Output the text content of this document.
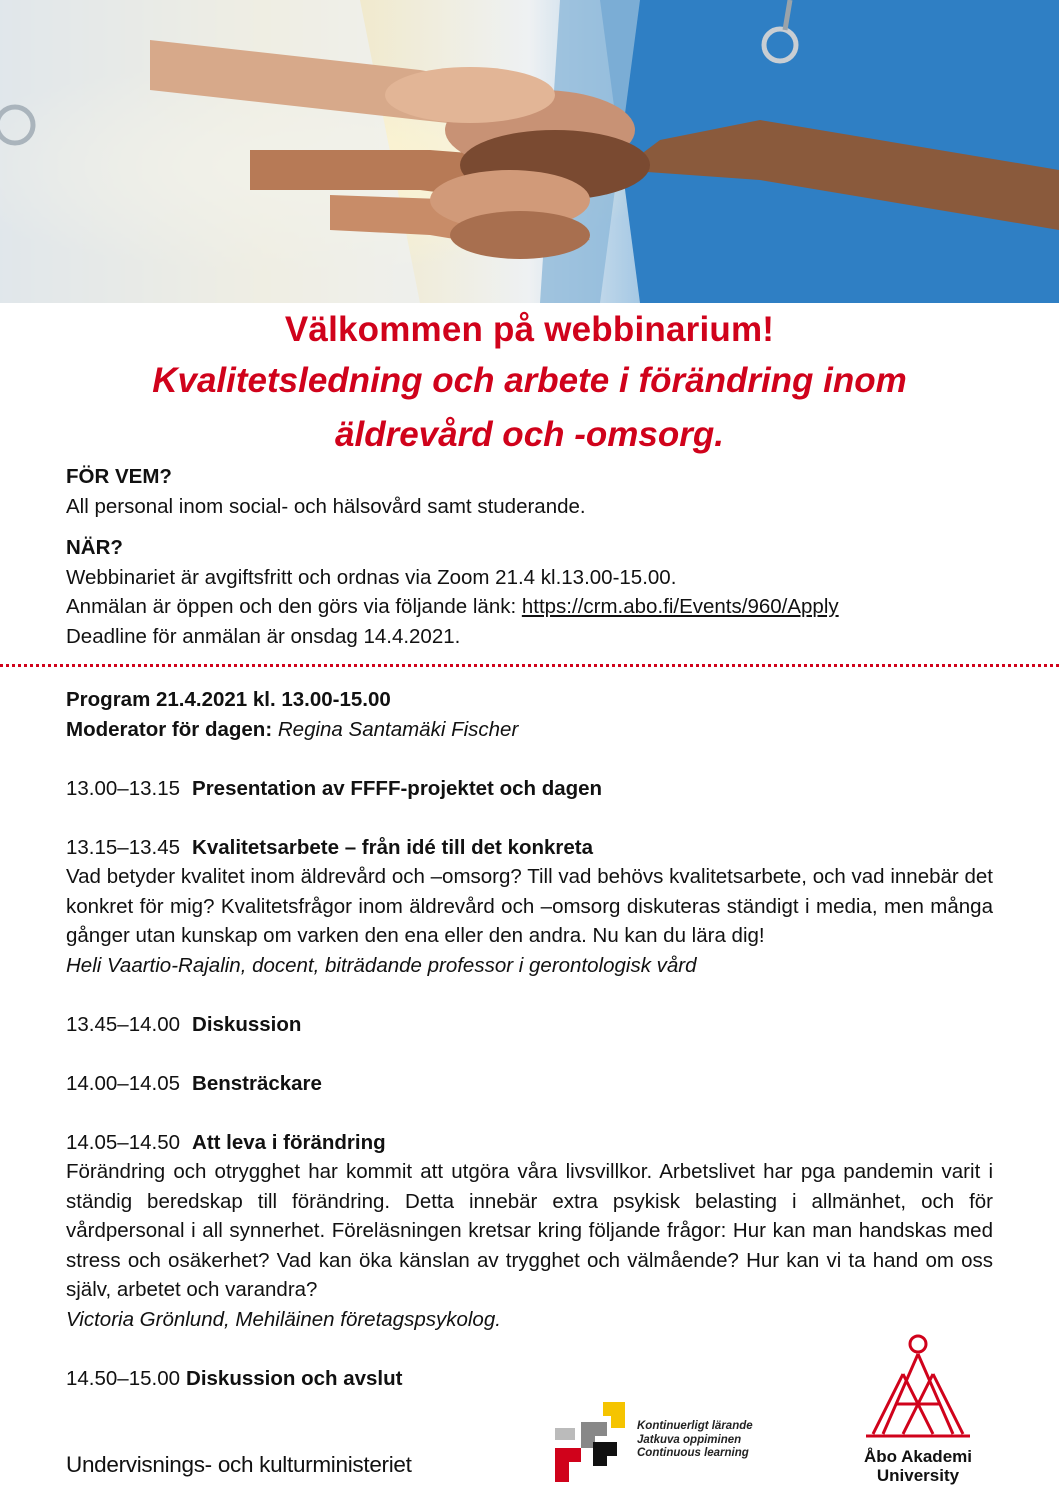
Välkommen på webbinarium!
Kvalitetsledning och arbete i förändring inom
äldrevård och -omsorg.

FÖR VEM?

All personal inom social- och hälsovård samt studerande.

NÄR?

Webbinariet är avgiftsfritt och ordnas via Zoom 21.4 kl.13.00-15.00.

Anmälan är öppen och den görs via följande länk: https://crm.abo.fi/Events/960/Apply

Deadline för anmälan är onsdag 14.4.2021.

Program 21.4.2021 kl. 13.00-15.00

Moderator för dagen: Regina Santamäki Fischer

13.00–13.15 Presentation av FFFF-projektet och dagen

13.15–13.45 Kvalitetsarbete – från idé till det konkreta

Vad betyder kvalitet inom äldrevård och –omsorg? Till vad behövs kvalitetsarbete, och vad innebär det konkret för mig? Kvalitetsfrågor inom äldrevård och –omsorg diskuteras ständigt i media, men många gånger utan kunskap om varken den ena eller den andra. Nu kan du lära dig!

Heli Vaartio-Rajalin, docent, biträdande professor i gerontologisk vård

13.45–14.00 Diskussion

14.00–14.05 Bensträckare

14.05–14.50 Att leva i förändring

Förändring och otrygghet har kommit att utgöra våra livsvillkor. Arbetslivet har pga pandemin varit i ständig beredskap till förändring. Detta innebär extra psykisk belasting i allmänhet, och för vårdpersonal i all synnerhet. Föreläsningen kretsar kring följande frågor: Hur kan man handskas med stress och osäkerhet? Vad kan öka känslan av trygghet och välmående? Hur kan vi ta hand om oss själv, arbetet och varandra?

Victoria Grönlund, Mehiläinen företagspsykolog.

14.50–15.00 Diskussion och avslut

Undervisnings- och kulturministeriet
Kontinuerligt lärande
Jatkuva oppiminen
Continuous learning	Åbo Akademi
University
